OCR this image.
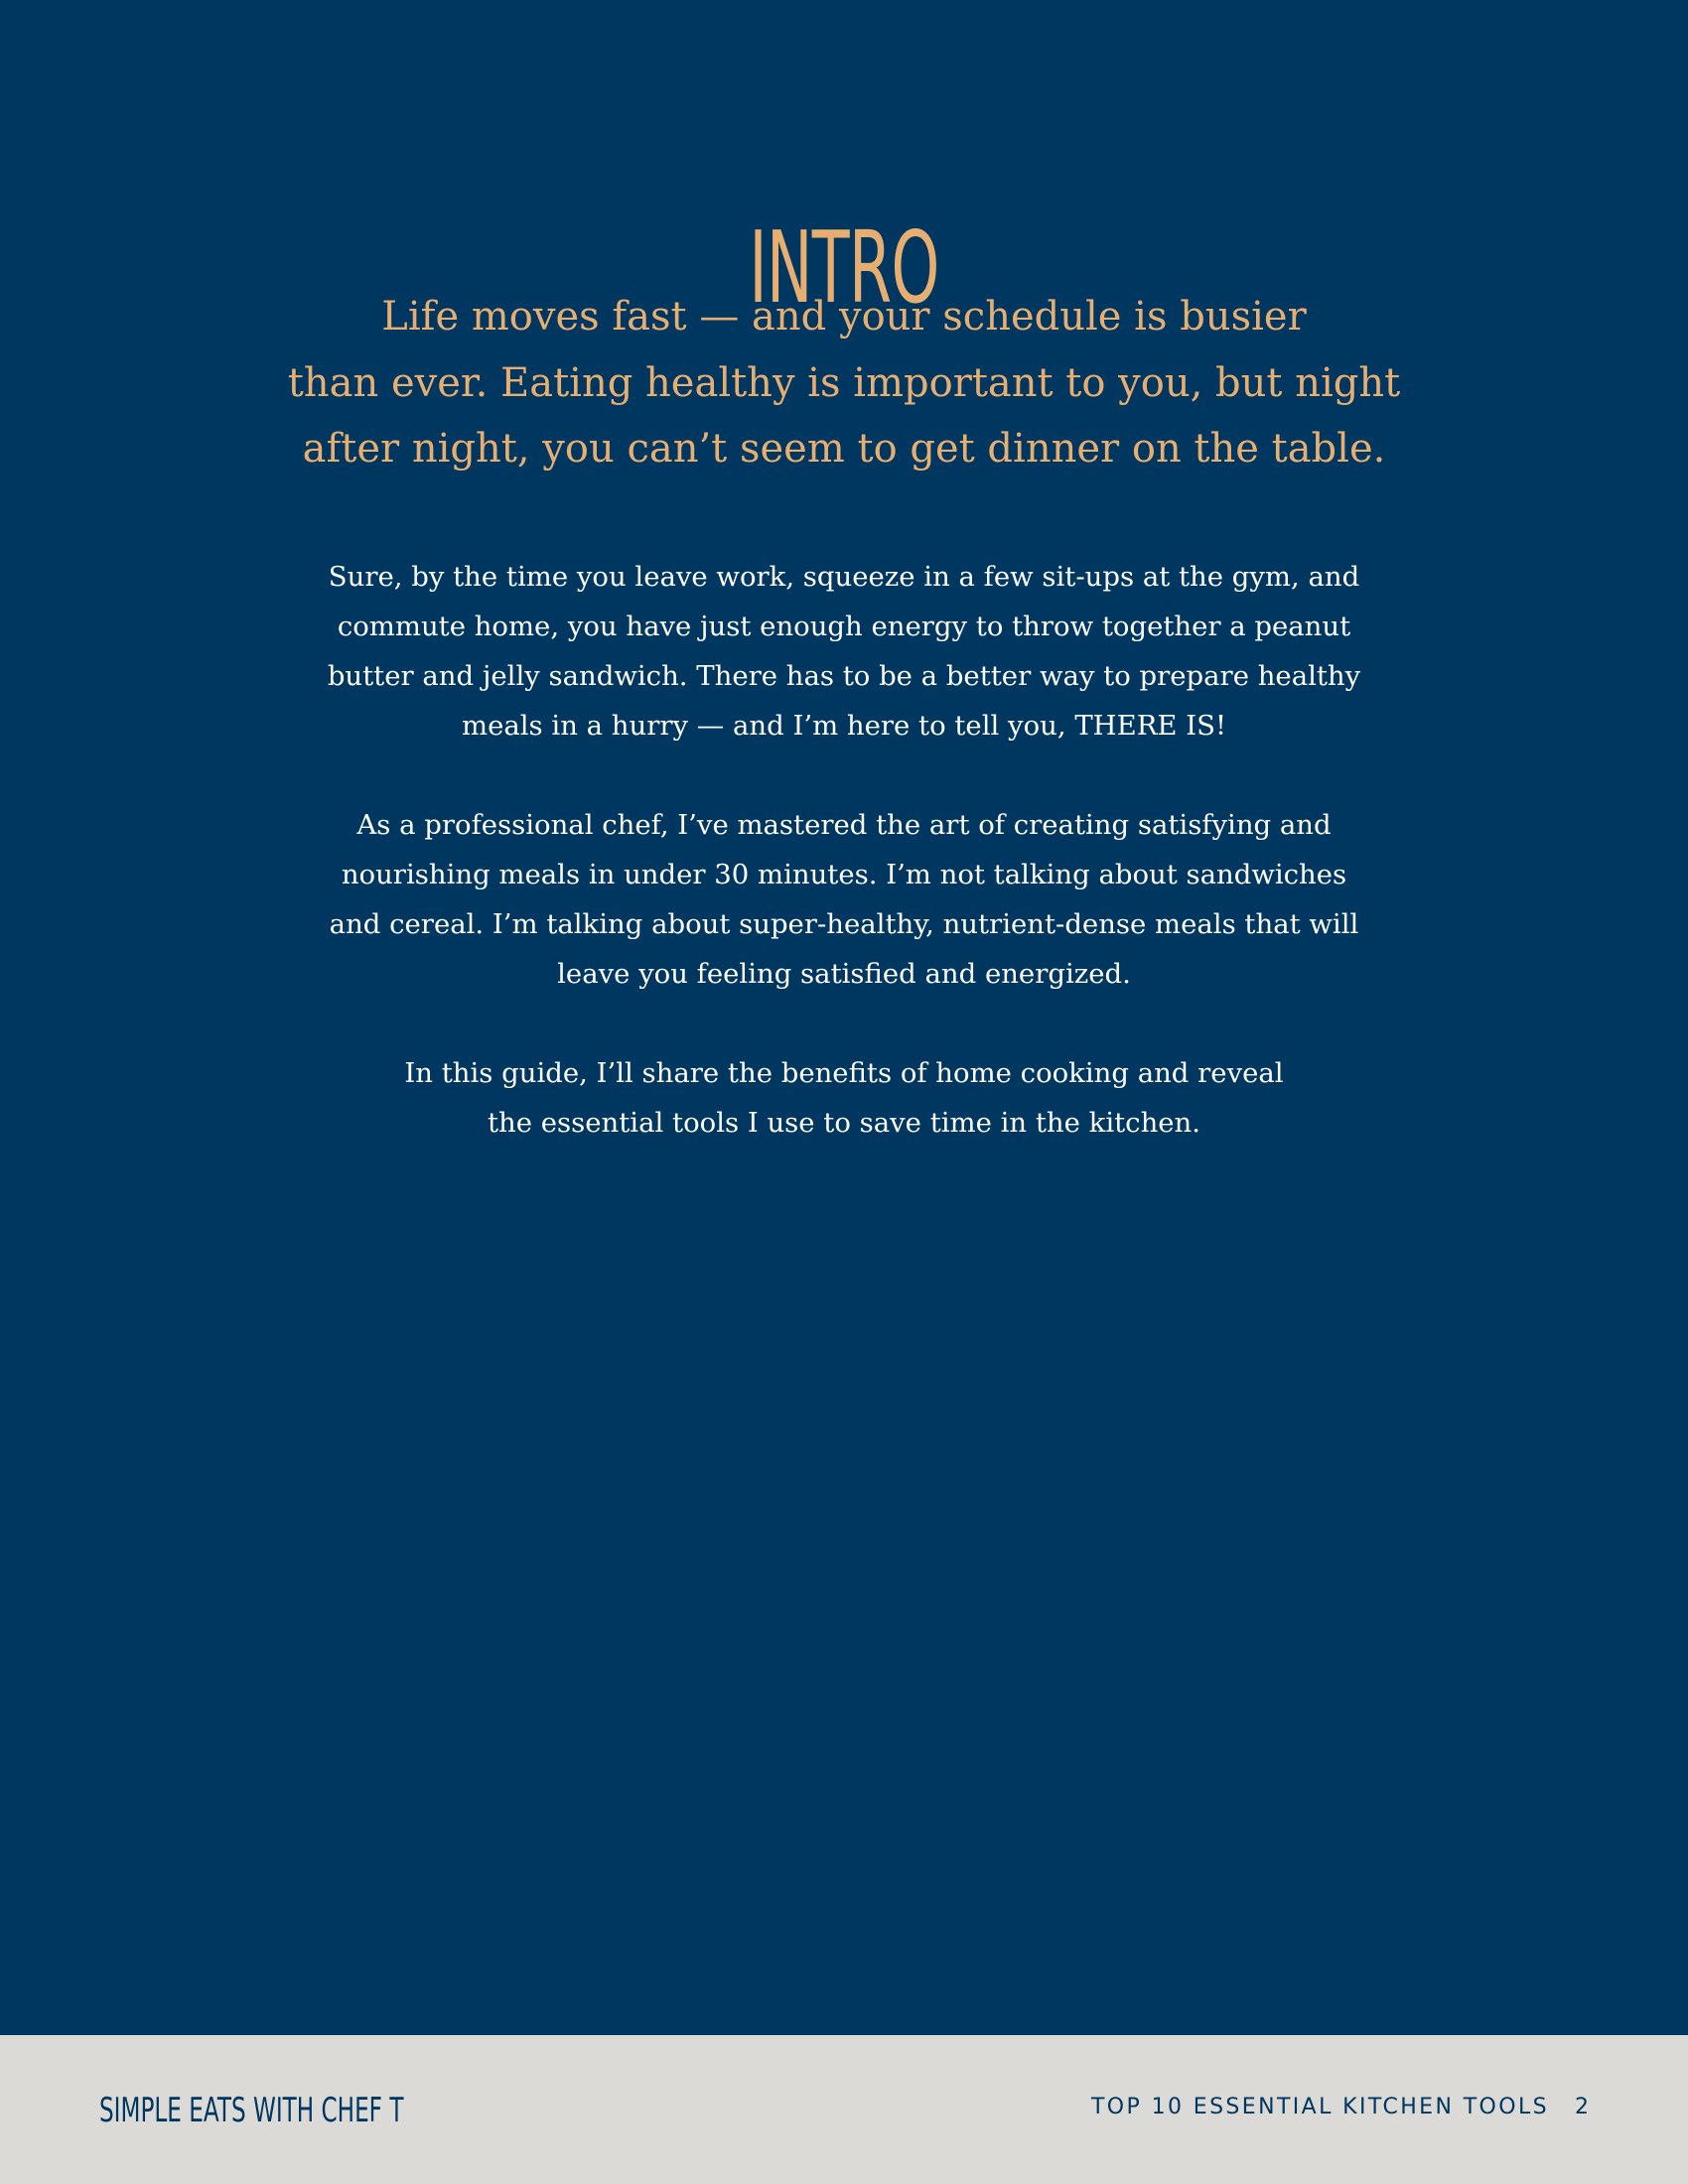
INTRO
Life moves fast — and your schedule is busier
than ever. Eating healthy is important to you, but night
after night, you can’t seem to get dinner on the table.
Sure, by the time you leave work, squeeze in a few sit-ups at the gym, and
commute home, you have just enough energy to throw together a peanut
butter and jelly sandwich. There has to be a better way to prepare healthy
meals in a hurry — and I’m here to tell you, THERE IS!
As a professional chef, I’ve mastered the art of creating satisfying and
nourishing meals in under 30 minutes. I’m not talking about sandwiches
and cereal. I’m talking about super-healthy, nutrient-dense meals that will
leave you feeling satisfied and energized.
In this guide, I’ll share the benefits of home cooking and reveal
the essential tools I use to save time in the kitchen.
SIMPLE EATS WITH CHEF T	TOP 10 ESSENTIAL KITCHEN TOOLS 2
